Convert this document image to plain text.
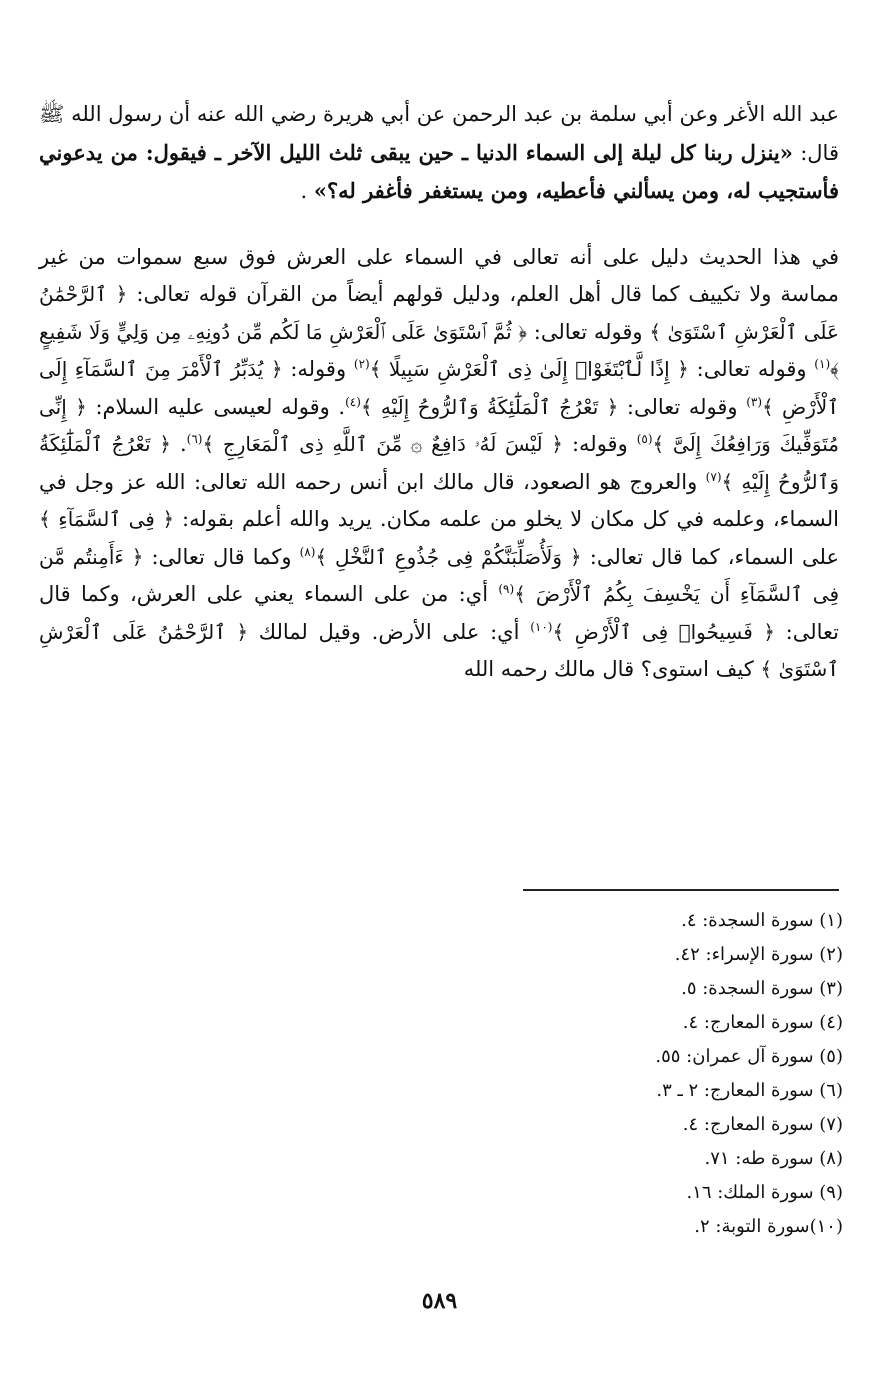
عبد الله الأغر وعن أبي سلمة بن عبد الرحمن عن أبي هريرة رضي الله عنه أن رسول الله ﷺ قال: «ينزل ربنا كل ليلة إلى السماء الدنيا ـ حين يبقى ثلث الليل الآخر ـ فيقول: من يدعوني فأستجيب له، ومن يسألني فأعطيه، ومن يستغفر فأغفر له؟» .

في هذا الحديث دليل على أنه تعالى في السماء على العرش فوق سبع سموات من غير مماسة ولا تكييف كما قال أهل العلم، ودليل قولهم أيضاً من القرآن قوله تعالى: ﴿ ٱلرَّحْمَٰنُ عَلَى ٱلْعَرْشِ ٱسْتَوَىٰ ﴾ وقوله تعالى: ﴿ ثُمَّ ٱسْتَوَىٰ عَلَى ٱلْعَرْشِ مَا لَكُم مِّن دُونِهِۦ مِن وَلِيٍّ وَلَا شَفِيعٍ ﴾$^{(١)}$ وقوله تعالى: ﴿ إِذًا لَّٱبْتَغَوْا۟ إِلَىٰ ذِى ٱلْعَرْشِ سَبِيلًا ﴾$^{(٢)}$ وقوله: ﴿ يُدَبِّرُ ٱلْأَمْرَ مِنَ ٱلسَّمَآءِ إِلَى ٱلْأَرْضِ ﴾$^{(٣)}$ وقوله تعالى: ﴿ تَعْرُجُ ٱلْمَلَٰٓئِكَةُ وَٱلرُّوحُ إِلَيْهِ ﴾$^{(٤)}$. وقوله لعيسى عليه السلام: ﴿ إِنِّى مُتَوَفِّيكَ وَرَافِعُكَ إِلَىَّ ﴾$^{(٥)}$ وقوله: ﴿ لَيْسَ لَهُۥ دَافِعٌ ۞ مِّنَ ٱللَّهِ ذِى ٱلْمَعَارِجِ ﴾$^{(٦)}$. ﴿ تَعْرُجُ ٱلْمَلَٰٓئِكَةُ وَٱلرُّوحُ إِلَيْهِ ﴾$^{(٧)}$ والعروج هو الصعود، قال مالك ابن أنس رحمه الله تعالى: الله عز وجل في السماء، وعلمه في كل مكان لا يخلو من علمه مكان. يريد والله أعلم بقوله: ﴿ فِى ٱلسَّمَآءِ ﴾ على السماء، كما قال تعالى: ﴿ وَلَأُصَلِّبَنَّكُمْ فِى جُذُوعِ ٱلنَّخْلِ ﴾$^{(٨)}$ وكما قال تعالى: ﴿ ءَأَمِنتُم مَّن فِى ٱلسَّمَآءِ أَن يَخْسِفَ بِكُمُ ٱلْأَرْضَ ﴾$^{(٩)}$ أي: من على السماء يعني على العرش، وكما قال تعالى: ﴿ فَسِيحُوا۟ فِى ٱلْأَرْضِ ﴾$^{(١٠)}$ أي: على الأرض. وقيل لمالك ﴿ ٱلرَّحْمَٰنُ عَلَى ٱلْعَرْشِ ٱسْتَوَىٰ ﴾ كيف استوى؟ قال مالك رحمه الله

(١) سورة السجدة: ٤.
(٢) سورة الإسراء: ٤٢.
(٣) سورة السجدة: ٥.
(٤) سورة المعارج: ٤.
(٥) سورة آل عمران: ٥٥.
(٦) سورة المعارج: ٢ ـ ٣.
(٧) سورة المعارج: ٤.
(٨) سورة طه: ٧١.
(٩) سورة الملك: ١٦.
(١٠)سورة التوبة: ٢.
٥٨٩
